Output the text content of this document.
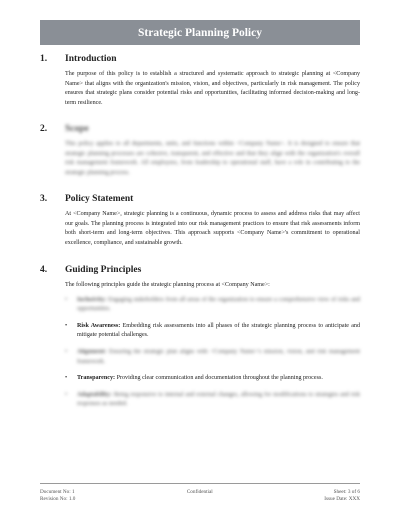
Strategic Planning Policy
1.	Introduction
The purpose of this policy is to establish a structured and systematic approach to strategic planning at <Company Name> that aligns with the organization's mission, vision, and objectives, particularly in risk management. The policy ensures that strategic plans consider potential risks and opportunities, facilitating informed decision-making and long-term resilience.
2.	Scope
This policy applies to all departments, units, and functions within <Company Name>. It is designed to ensure that strategic planning processes are cohesive, transparent, and effective and that they align with the organization's overall risk management framework. All employees, from leadership to operational staff, have a role in contributing to the strategic planning process.
3.	Policy Statement
At <Company Name>, strategic planning is a continuous, dynamic process to assess and address risks that may affect our goals. The planning process is integrated into our risk management practices to ensure that risk assessments inform both short-term and long-term objectives. This approach supports <Company Name>'s commitment to operational excellence, compliance, and sustainable growth.
4.	Guiding Principles
The following principles guide the strategic planning process at <Company Name>:
•	Inclusivity: Engaging stakeholders from all areas of the organization to ensure a comprehensive view of risks and opportunities.
•	Risk Awareness: Embedding risk assessments into all phases of the strategic planning process to anticipate and mitigate potential challenges.
•	Alignment: Ensuring the strategic plan aligns with <Company Name>'s mission, vision, and risk management framework.
•	Transparency: Providing clear communication and documentation throughout the planning process.
•	Adaptability: Being responsive to internal and external changes, allowing for modifications to strategies and risk responses as needed.
Document No: 1
Revision No: 1.0
Confidential	Sheet: 3 of 6
Issue Date: XXX
